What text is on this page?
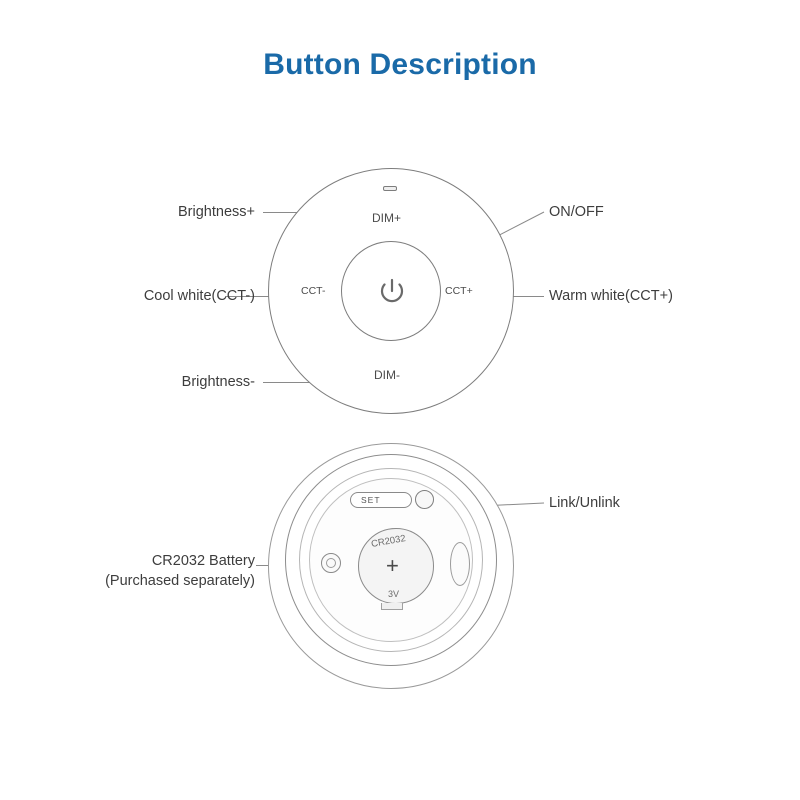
Button Description
DIM+
DIM-
CCT-	CCT+
SET
CR2032
+
3V
Brightness+
Cool white(CCT-)
Brightness-
ON/OFF
Warm white(CCT+)
Link/Unlink
CR2032 Battery
(Purchased separately)
